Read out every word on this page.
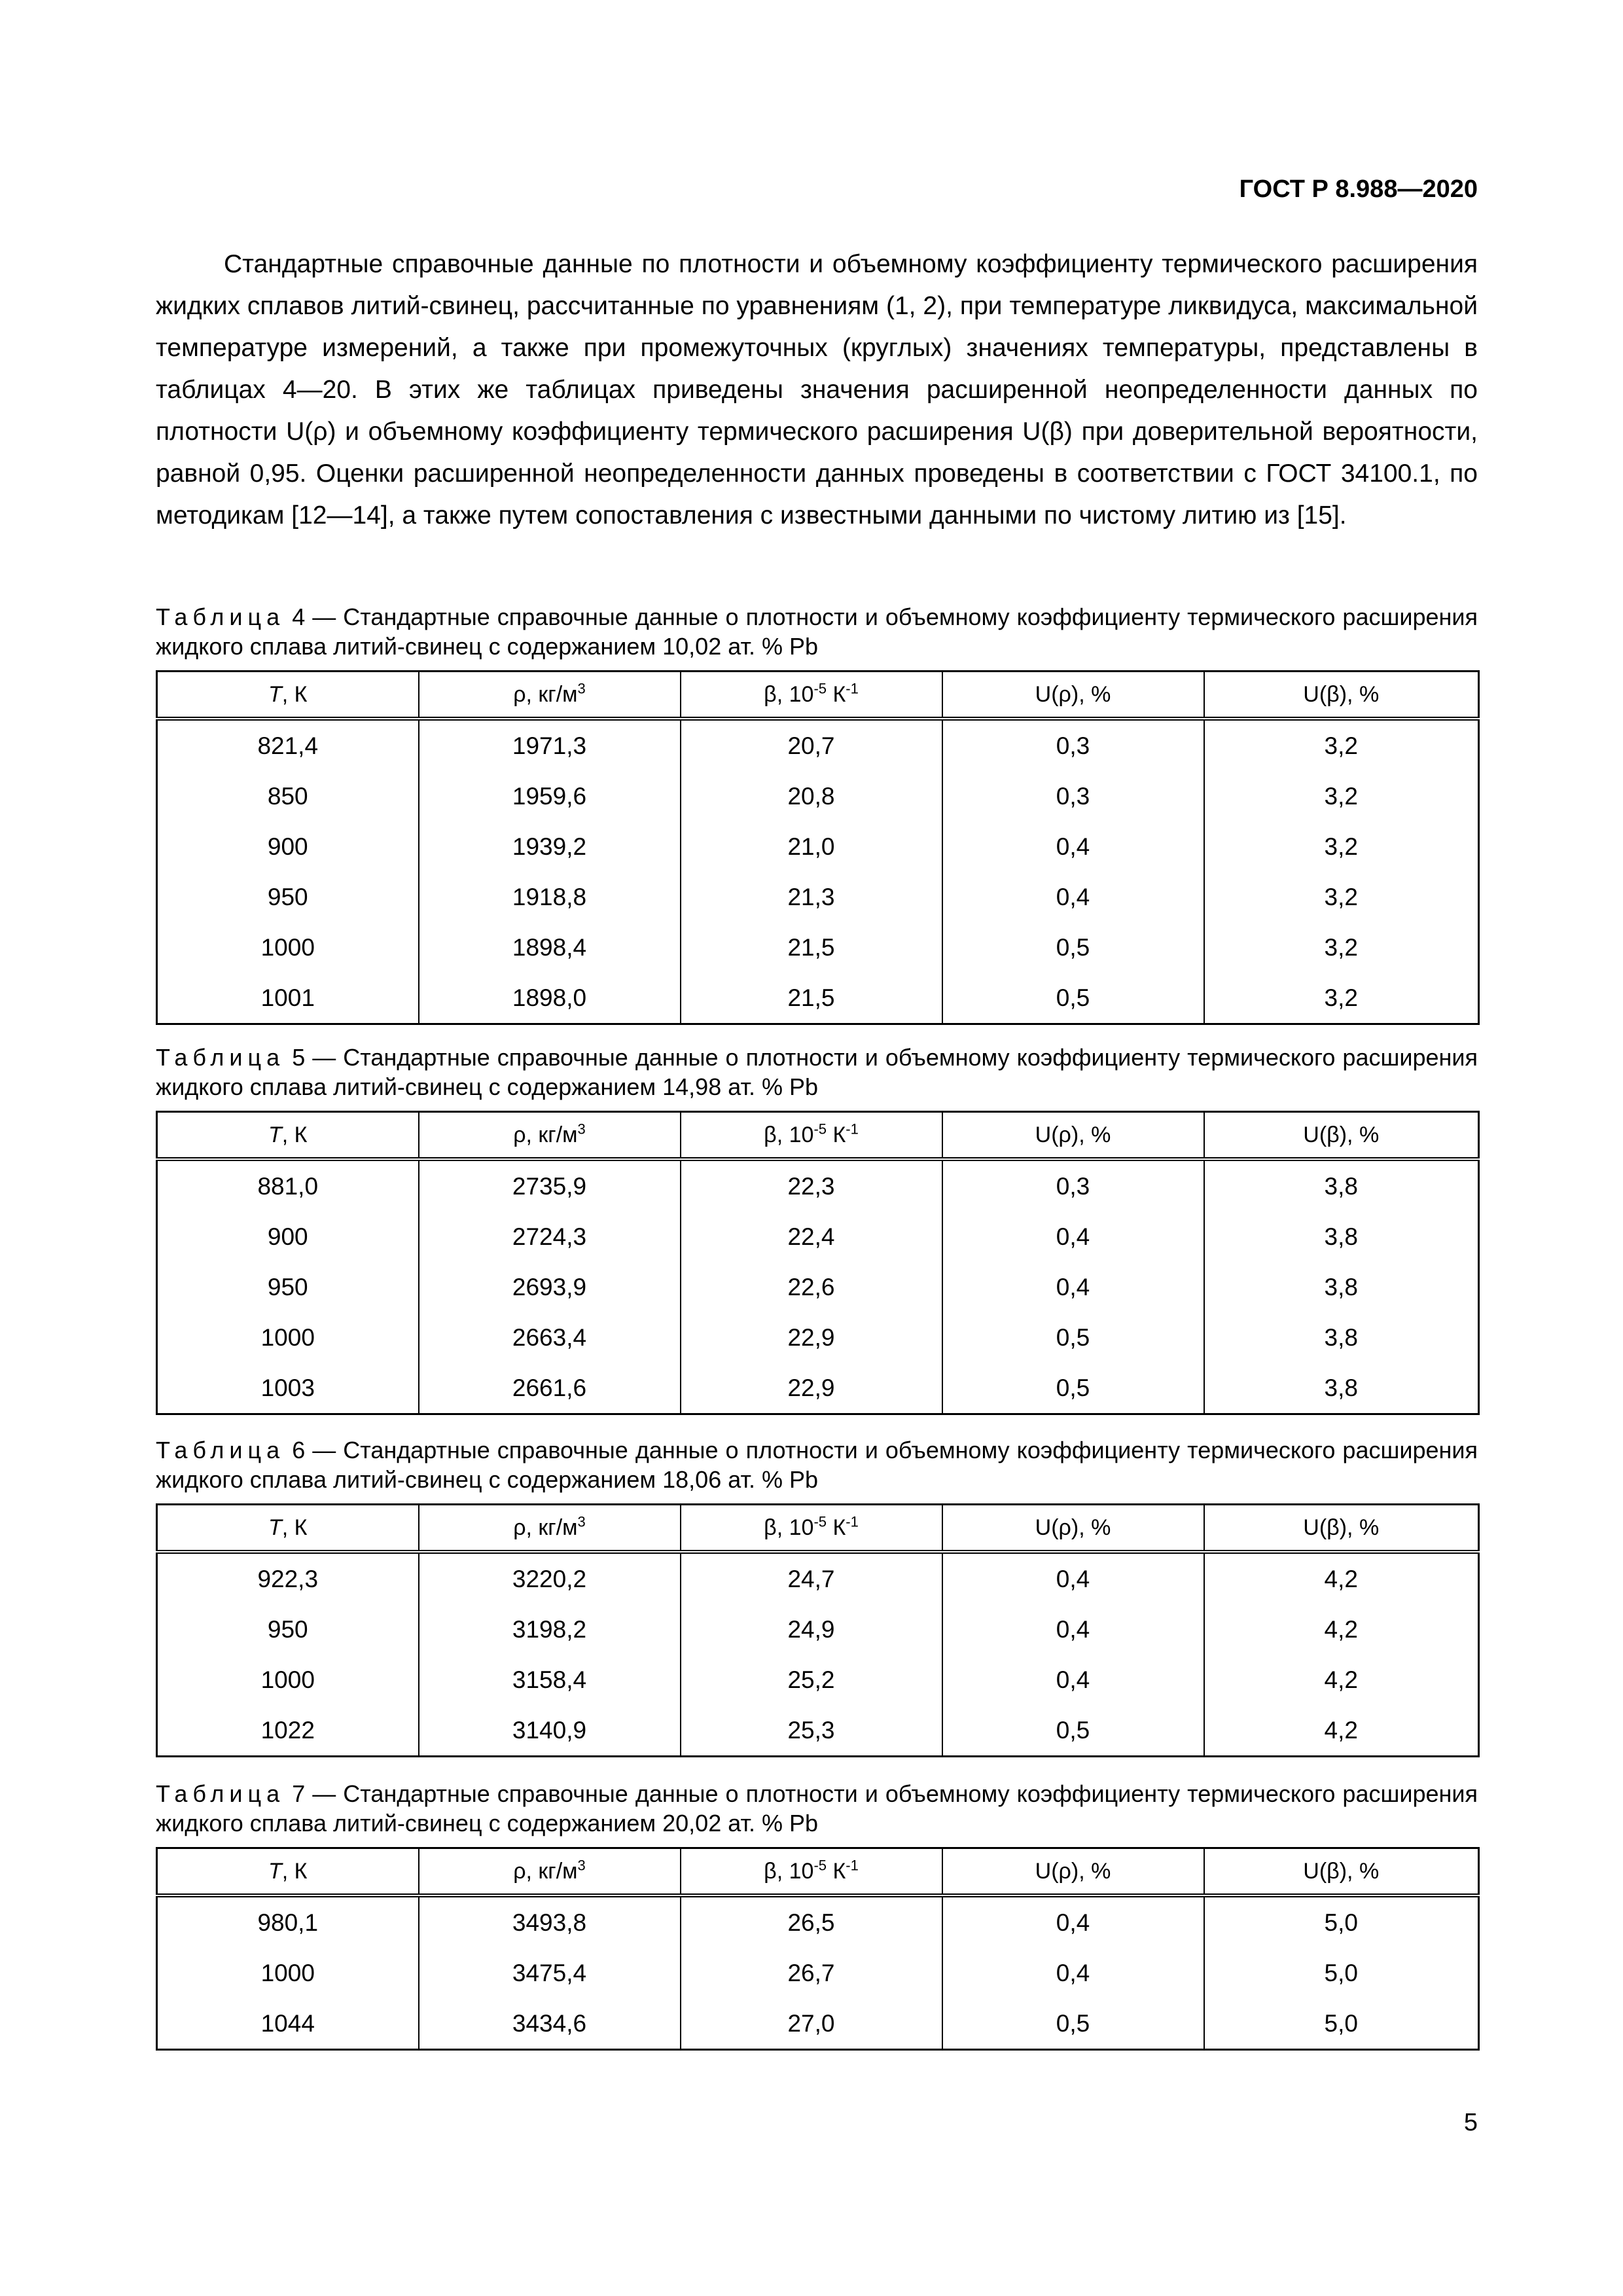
ГОСТ Р 8.988—2020

Стандартные справочные данные по плотности и объемному коэффициенту термического расширения жидких сплавов литий-свинец, рассчитанные по уравнениям (1, 2), при температуре ликвидуса, максимальной температуре измерений, а также при промежуточных (круглых) значениях температуры, представлены в таблицах 4—20. В этих же таблицах приведены значения расширенной неопределенности данных по плотности U(ρ) и объемному коэффициенту термического расширения U(β) при доверительной вероятности, равной 0,95. Оценки расширенной неопределенности данных проведены в соответствии с ГОСТ 34100.1, по методикам [12—14], а также путем сопоставления с известными данными по чистому литию из [15].

Таблица 4 — Стандартные справочные данные о плотности и объемному коэффициенту термического расширения жидкого сплава литий-свинец с содержанием 10,02 ат. % Pb

T, К	ρ, $кг/м^3$	β, $10^{-5}$ $К^{-1}$	U(ρ), %	U(β), %
821,4	1971,3	20,7	0,3	3,2
850	1959,6	20,8	0,3	3,2
900	1939,2	21,0	0,4	3,2
950	1918,8	21,3	0,4	3,2
1000	1898,4	21,5	0,5	3,2
1001	1898,0	21,5	0,5	3,2

Таблица 5 — Стандартные справочные данные о плотности и объемному коэффициенту термического расширения жидкого сплава литий-свинец с содержанием 14,98 ат. % Pb

T, К	ρ, $кг/м^3$	β, $10^{-5}$ $К^{-1}$	U(ρ), %	U(β), %
881,0	2735,9	22,3	0,3	3,8
900	2724,3	22,4	0,4	3,8
950	2693,9	22,6	0,4	3,8
1000	2663,4	22,9	0,5	3,8
1003	2661,6	22,9	0,5	3,8

Таблица 6 — Стандартные справочные данные о плотности и объемному коэффициенту термического расширения жидкого сплава литий-свинец с содержанием 18,06 ат. % Pb

T, К	ρ, $кг/м^3$	β, $10^{-5}$ $К^{-1}$	U(ρ), %	U(β), %
922,3	3220,2	24,7	0,4	4,2
950	3198,2	24,9	0,4	4,2
1000	3158,4	25,2	0,4	4,2
1022	3140,9	25,3	0,5	4,2

Таблица 7 — Стандартные справочные данные о плотности и объемному коэффициенту термического расширения жидкого сплава литий-свинец с содержанием 20,02 ат. % Pb

T, К	ρ, $кг/м^3$	β, $10^{-5}$ $К^{-1}$	U(ρ), %	U(β), %
980,1	3493,8	26,5	0,4	5,0
1000	3475,4	26,7	0,4	5,0
1044	3434,6	27,0	0,5	5,0
5
